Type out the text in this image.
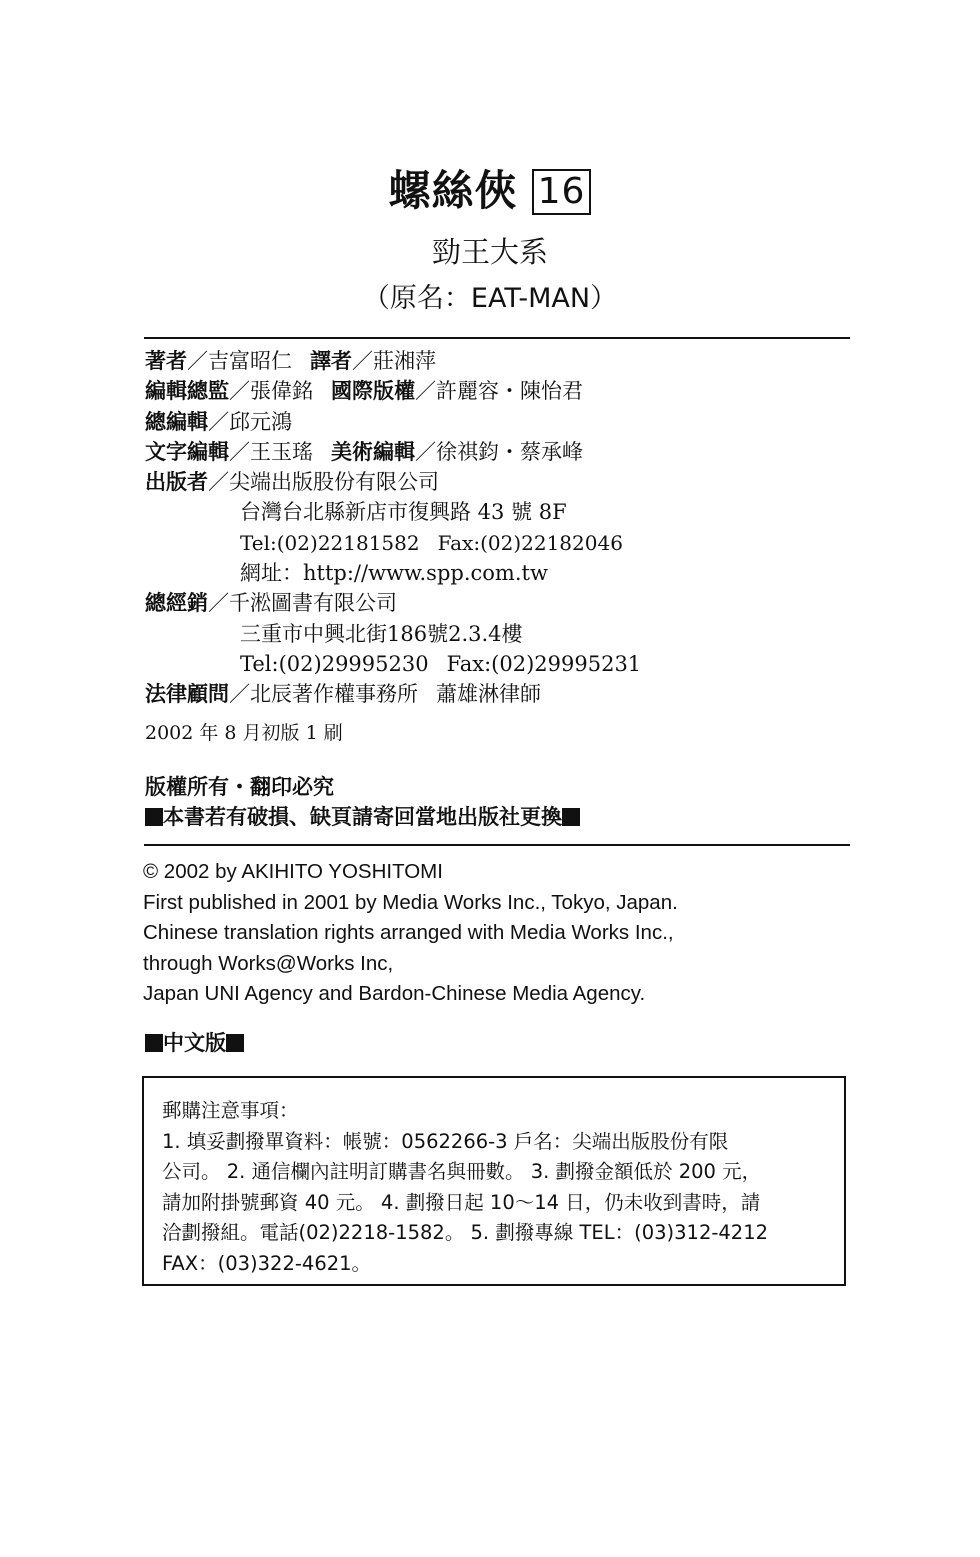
螺絲俠 16
勁王大系
（原名：EAT-MAN）
著者／吉富昭仁 譯者／莊湘萍
編輯總監／張偉銘 國際版權／許麗容・陳怡君
總編輯／邱元鴻
文字編輯／王玉瑤 美術編輯／徐祺鈞・蔡承峰
出版者／尖端出版股份有限公司
台灣台北縣新店市復興路 43 號 8F
Tel:(02)22181582 Fax:(02)22182046
網址：http://www.spp.com.tw
總經銷／千淞圖書有限公司
三重市中興北街186號2.3.4樓
Tel:(02)29995230 Fax:(02)29995231
法律顧問／北辰著作權事務所 蕭雄淋律師
2002 年 8 月初版 1 刷
版權所有・翻印必究
本書若有破損、缺頁請寄回當地出版社更換
© 2002 by AKIHITO YOSHITOMI
First published in 2001 by Media Works Inc., Tokyo, Japan.
Chinese translation rights arranged with Media Works Inc.,
through Works@Works Inc,
Japan UNI Agency and Bardon-Chinese Media Agency.
中文版

郵購注意事項：

1. 填妥劃撥單資料：帳號：0562266-3 戶名：尖端出版股份有限

公司。 2. 通信欄內註明訂購書名與冊數。 3. 劃撥金額低於 200 元，

請加附掛號郵資 40 元。 4. 劃撥日起 10～14 日，仍未收到書時，請

洽劃撥組。電話(02)2218-1582。 5. 劃撥專線 TEL：(03)312-4212

FAX：(03)322-4621。
